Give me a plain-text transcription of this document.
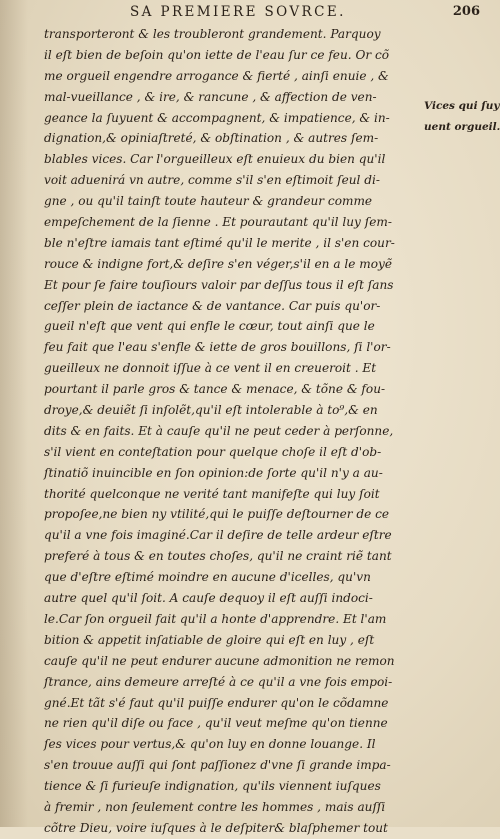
SA PREMIERE SOVRCE.	206
transporteront & les troubleront grandement. Parquoy
il eſt bien de beſoin qu'on iette de l'eau ſur ce feu. Or cõ
me orgueil engendre arrogance & fierté , ainſi enuie , &
mal-vueillance , & ire, & rancune , & affection de ven-
geance la ſuyuent & accompagnent, & impatience, & in-
dignation,& opiniaſtreté, & obſtination , & autres ſem-
blables vices. Car l'orgueilleux eſt enuieux du bien qu'il
voit aduenirá vn autre, comme s'il s'en eſtimoit ſeul di-
gne , ou qu'il tainſt toute hauteur & grandeur comme
empeſchement de la ſienne . Et pourautant qu'il luy ſem-
ble n'eſtre iamais tant eſtimé qu'il le merite , il s'en cour-
rouce & indigne fort,& deſire s'en véger,s'il en a le moyẽ
Et pour ſe faire touſiours valoir par deſſus tous il eſt ſans
ceſſer plein de iactance & de vantance. Car puis qu'or-
gueil n'eſt que vent qui enfle le cœur, tout ainſi que le
feu fait que l'eau s'enfle & iette de gros bouillons, ſi l'or-
gueilleux ne donnoit iſſue à ce vent il en creueroit . Et
pourtant il parle gros & tance & menace, & tõne & fou-
droye,& deuiẽt ſi inſolẽt,qu'il eſt intolerable à to⁹,& en
dits & en faits. Et à cauſe qu'il ne peut ceder à perſonne,
s'il vient en conteſtation pour quelque choſe il eſt d'ob-
ſtinatiõ inuincible en ſon opinion:de ſorte qu'il n'y a au-
thorité quelconque ne verité tant manifeſte qui luy ſoit
propoſee,ne bien ny vtilité,qui le puiſſe deſtourner de ce
qu'il a vne fois imaginé.Car il deſire de telle ardeur eſtre
preferé à tous & en toutes choſes, qu'il ne craint riẽ tant
que d'eſtre eſtimé moindre en aucune d'icelles, qu'vn
autre quel qu'il ſoit. A cauſe dequoy il eſt auſſi indoci-
le.Car ſon orgueil fait qu'il a honte d'apprendre. Et l'am
bition & appetit inſatiable de gloire qui eſt en luy , eſt
cauſe qu'il ne peut endurer aucune admonition ne remon
ſtrance, ains demeure arreſté à ce qu'il a vne fois empoi-
gné.Et tãt s'é faut qu'il puiſſe endurer qu'on le cõdamne
ne rien qu'il diſe ou face , qu'il veut meſme qu'on tienne
ſes vices pour vertus,& qu'on luy en donne louange. Il
s'en trouue auſſi qui ſont paſſionez d'vne ſi grande impa-
tience & ſi furieuſe indignation, qu'ils viennent iuſques
à fremir , non ſeulement contre les hommes , mais auſſi
cõtre Dieu, voire iuſques à le deſpiter& blaſphemer tout
Vices qui ſuy
uent orgueil.
